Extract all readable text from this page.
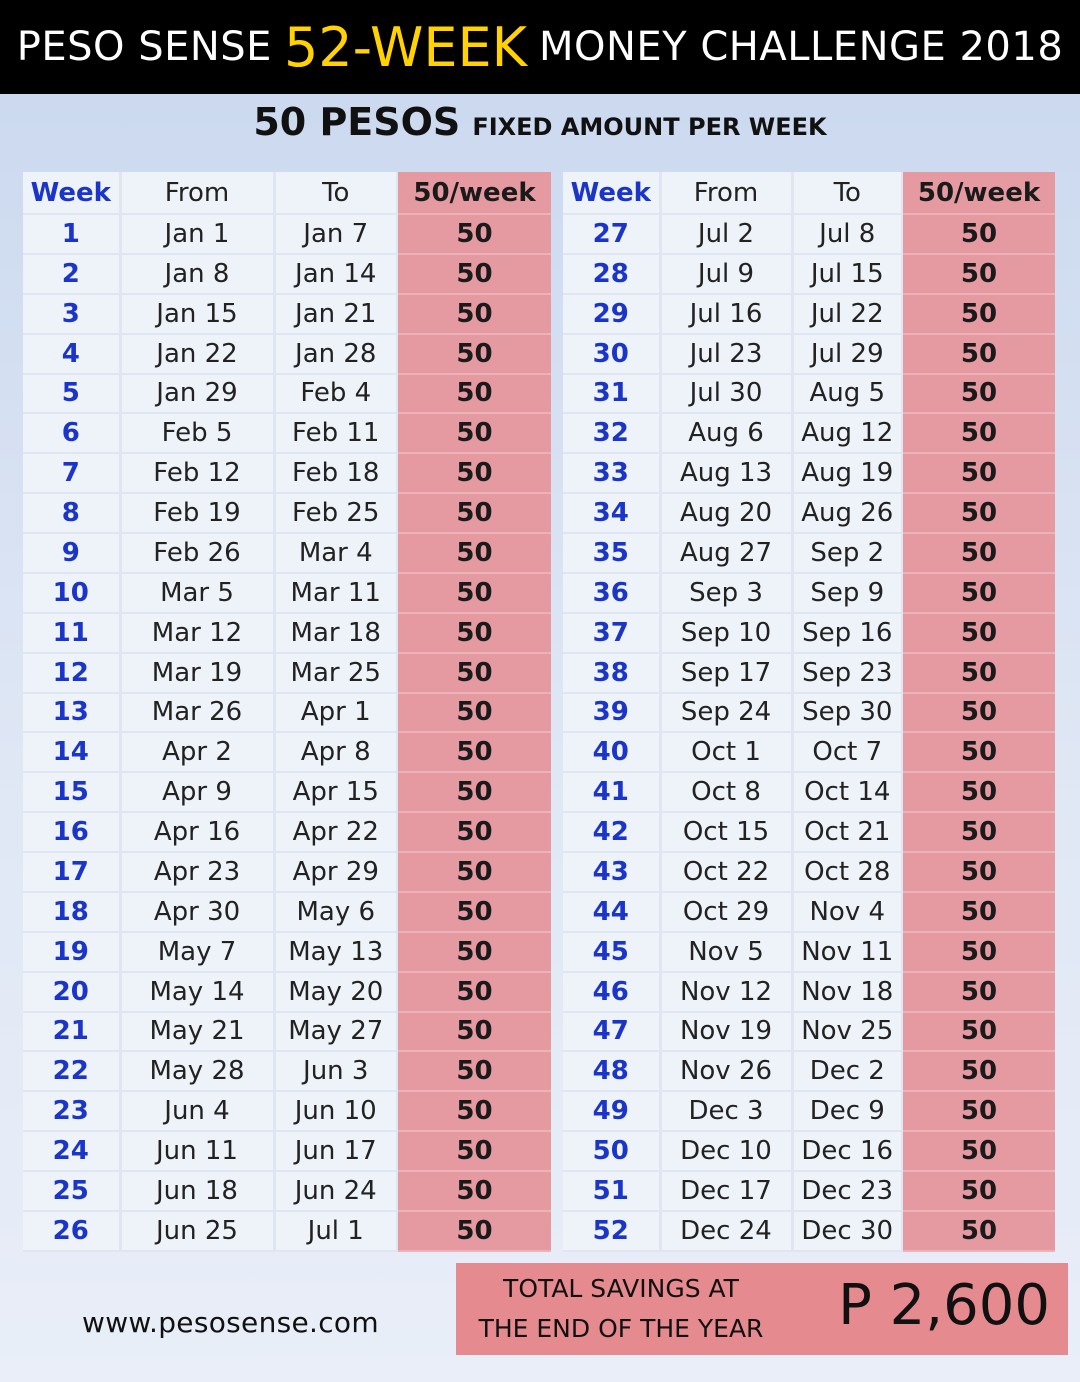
PESO SENSE 52-WEEK MONEY CHALLENGE 2018
50 PESOS FIXED AMOUNT PER WEEK
Week	From	To	50/week
1	Jan 1	Jan 7	50
2	Jan 8	Jan 14	50
3	Jan 15	Jan 21	50
4	Jan 22	Jan 28	50
5	Jan 29	Feb 4	50
6	Feb 5	Feb 11	50
7	Feb 12	Feb 18	50
8	Feb 19	Feb 25	50
9	Feb 26	Mar 4	50
10	Mar 5	Mar 11	50
11	Mar 12	Mar 18	50
12	Mar 19	Mar 25	50
13	Mar 26	Apr 1	50
14	Apr 2	Apr 8	50
15	Apr 9	Apr 15	50
16	Apr 16	Apr 22	50
17	Apr 23	Apr 29	50
18	Apr 30	May 6	50
19	May 7	May 13	50
20	May 14	May 20	50
21	May 21	May 27	50
22	May 28	Jun 3	50
23	Jun 4	Jun 10	50
24	Jun 11	Jun 17	50
25	Jun 18	Jun 24	50
26	Jun 25	Jul 1	50
Week	From	To	50/week
27	Jul 2	Jul 8	50
28	Jul 9	Jul 15	50
29	Jul 16	Jul 22	50
30	Jul 23	Jul 29	50
31	Jul 30	Aug 5	50
32	Aug 6	Aug 12	50
33	Aug 13	Aug 19	50
34	Aug 20	Aug 26	50
35	Aug 27	Sep 2	50
36	Sep 3	Sep 9	50
37	Sep 10	Sep 16	50
38	Sep 17	Sep 23	50
39	Sep 24	Sep 30	50
40	Oct 1	Oct 7	50
41	Oct 8	Oct 14	50
42	Oct 15	Oct 21	50
43	Oct 22	Oct 28	50
44	Oct 29	Nov 4	50
45	Nov 5	Nov 11	50
46	Nov 12	Nov 18	50
47	Nov 19	Nov 25	50
48	Nov 26	Dec 2	50
49	Dec 3	Dec 9	50
50	Dec 10	Dec 16	50
51	Dec 17	Dec 23	50
52	Dec 24	Dec 30	50
www.pesosense.com
TOTAL SAVINGS AT
THE END OF THE YEAR P 2,600
